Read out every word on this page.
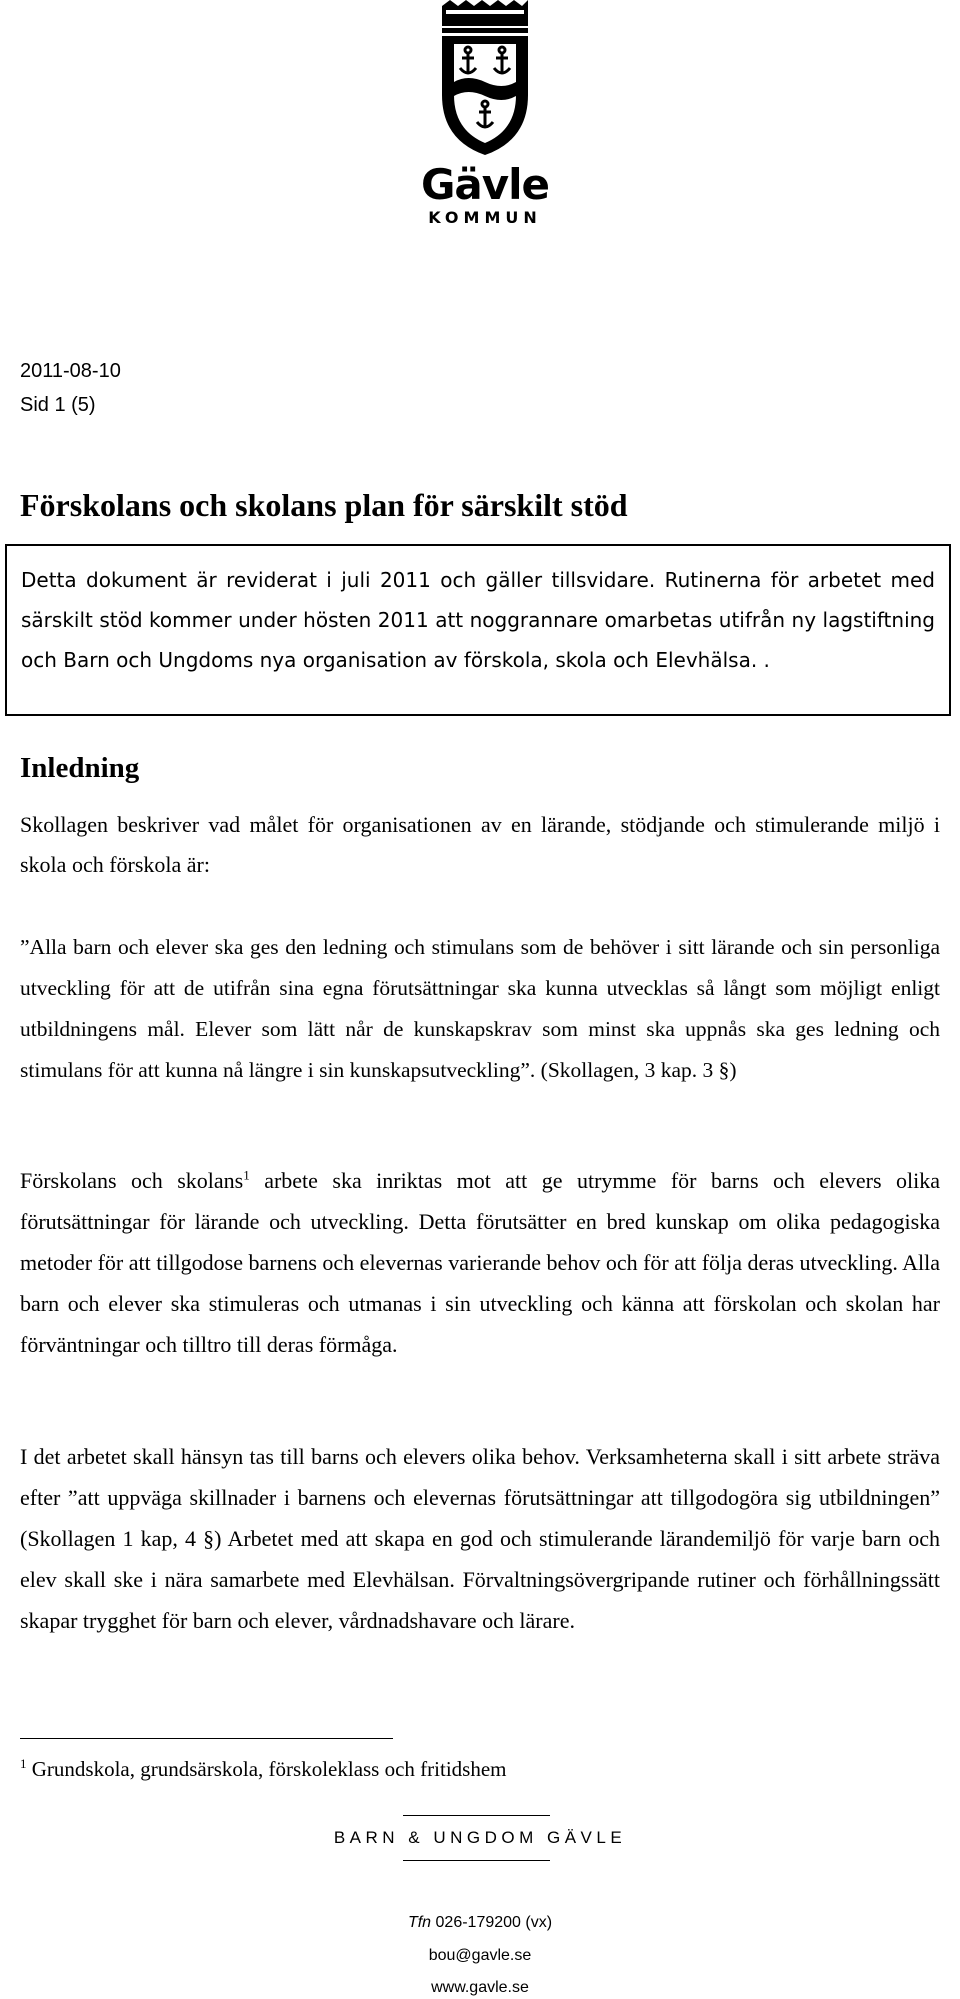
Gävle
KOMMUN
2011-08-10
Sid 1 (5)
Förskolans och skolans plan för särskilt stöd

Detta dokument är reviderat i juli 2011 och gäller tillsvidare. Rutinerna för arbetet med särskilt stöd kommer under hösten 2011 att noggrannare omarbetas utifrån ny lagstiftning och Barn och Ungdoms nya organisation av förskola, skola och Elevhälsa. .

Inledning

Skollagen beskriver vad målet för organisationen av en lärande, stödjande och stimulerande miljö i skola och förskola är:

”Alla barn och elever ska ges den ledning och stimulans som de behöver i sitt lärande och sin personliga utveckling för att de utifrån sina egna förutsättningar ska kunna utvecklas så långt som möjligt enligt utbildningens mål. Elever som lätt når de kunskapskrav som minst ska uppnås ska ges ledning och stimulans för att kunna nå längre i sin kunskapsutveckling”. (Skollagen, 3 kap. 3 §)

Förskolans och skolans$^1$ arbete ska inriktas mot att ge utrymme för barns och elevers olika förutsättningar för lärande och utveckling. Detta förutsätter en bred kunskap om olika pedagogiska metoder för att tillgodose barnens och elevernas varierande behov och för att följa deras utveckling. Alla barn och elever ska stimuleras och utmanas i sin utveckling och känna att förskolan och skolan har förväntningar och tilltro till deras förmåga.

I det arbetet skall hänsyn tas till barns och elevers olika behov. Verksamheterna skall i sitt arbete sträva efter ”att uppväga skillnader i barnens och elevernas förutsättningar att tillgodogöra sig utbildningen” (Skollagen 1 kap, 4 §) Arbetet med att skapa en god och stimulerande lärandemiljö för varje barn och elev skall ske i nära samarbete med Elevhälsan. Förvaltningsövergripande rutiner och förhållningssätt skapar trygghet för barn och elever, vårdnadshavare och lärare.

$^1$ Grundskola, grundsärskola, förskoleklass och fritidshem
BARN & UNGDOM GÄVLE
Tfn 026-179200 (vx)
bou@gavle.se
www.gavle.se
